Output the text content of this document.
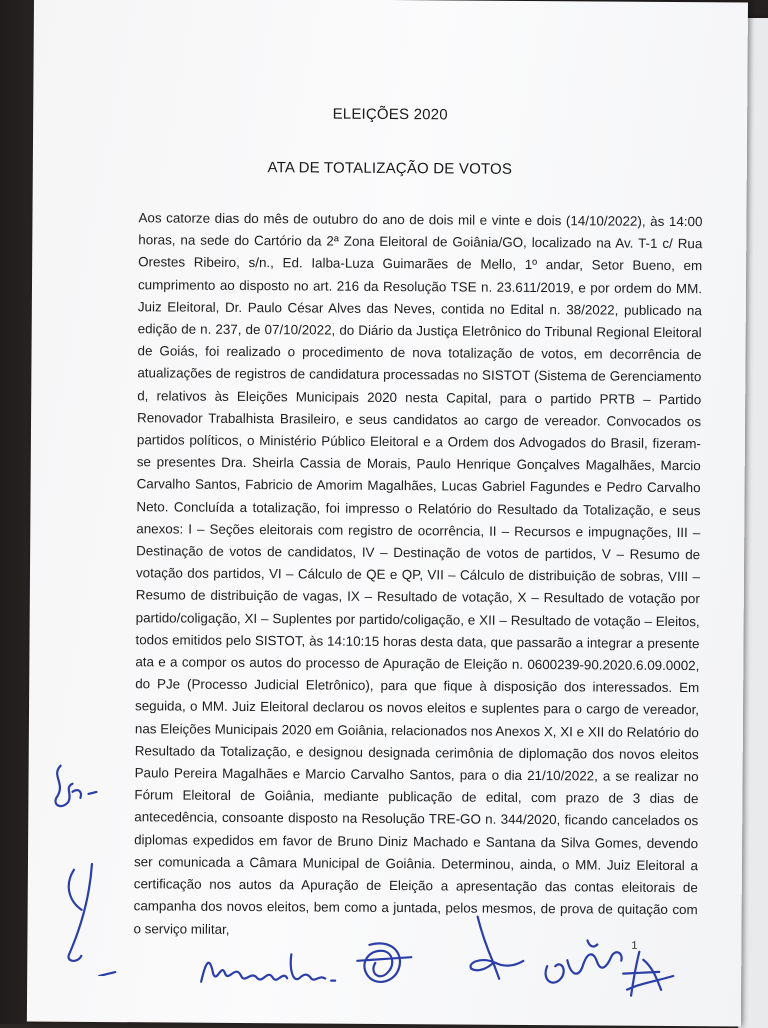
ELEIÇÕES 2020
ATA DE TOTALIZAÇÃO DE VOTOS

Aos catorze dias do mês de outubro do ano de dois mil e vinte e dois (14/10/2022), às 14:00 horas, na sede do Cartório da 2ª Zona Eleitoral de Goiânia/GO, localizado na Av. T-1 c/ Rua Orestes Ribeiro, s/n., Ed. Ialba-Luza Guimarães de Mello, 1º andar, Setor Bueno, em cumprimento ao disposto no art. 216 da Resolução TSE n. 23.611/2019, e por ordem do MM. Juiz Eleitoral, Dr. Paulo César Alves das Neves, contida no Edital n. 38/2022, publicado na edição de n. 237, de 07/10/2022, do Diário da Justiça Eletrônico do Tribunal Regional Eleitoral de Goiás, foi realizado o procedimento de nova totalização de votos, em decorrência de atualizações de registros de candidatura processadas no SISTOT (Sistema de Gerenciamento d, relativos às Eleições Municipais 2020 nesta Capital, para o partido PRTB – Partido Renovador Trabalhista Brasileiro, e seus candidatos ao cargo de vereador. Convocados os partidos políticos, o Ministério Público Eleitoral e a Ordem dos Advogados do Brasil, fizeram-se presentes Dra. Sheirla Cassia de Morais, Paulo Henrique Gonçalves Magalhães, Marcio Carvalho Santos, Fabricio de Amorim Magalhães, Lucas Gabriel Fagundes e Pedro Carvalho Neto. Concluída a totalização, foi impresso o Relatório do Resultado da Totalização, e seus anexos: I – Seções eleitorais com registro de ocorrência, II – Recursos e impugnações, III – Destinação de votos de candidatos, IV – Destinação de votos de partidos, V – Resumo de votação dos partidos, VI – Cálculo de QE e QP, VII – Cálculo de distribuição de sobras, VIII – Resumo de distribuição de vagas, IX – Resultado de votação, X – Resultado de votação por partido/coligação, XI – Suplentes por partido/coligação, e XII – Resultado de votação – Eleitos, todos emitidos pelo SISTOT, às 14:10:15 horas desta data, que passarão a integrar a presente ata e a compor os autos do processo de Apuração de Eleição n. 0600239-90.2020.6.09.0002, do PJe (Processo Judicial Eletrônico), para que fique à disposição dos interessados. Em seguida, o MM. Juiz Eleitoral declarou os novos eleitos e suplentes para o cargo de vereador, nas Eleições Municipais 2020 em Goiânia, relacionados nos Anexos X, XI e XII do Relatório do Resultado da Totalização, e designou designada cerimônia de diplomação dos novos eleitos Paulo Pereira Magalhães e Marcio Carvalho Santos, para o dia 21/10/2022, a se realizar no Fórum Eleitoral de Goiânia, mediante publicação de edital, com prazo de 3 dias de antecedência, consoante disposto na Resolução TRE-GO n. 344/2020, ficando cancelados os diplomas expedidos em favor de Bruno Diniz Machado e Santana da Silva Gomes, devendo ser comunicada a Câmara Municipal de Goiânia. Determinou, ainda, o MM. Juiz Eleitoral a certificação nos autos da Apuração de Eleição a apresentação das contas eleitorais de campanha dos novos eleitos, bem como a juntada, pelos mesmos, de prova de quitação com o serviço militar,

1
